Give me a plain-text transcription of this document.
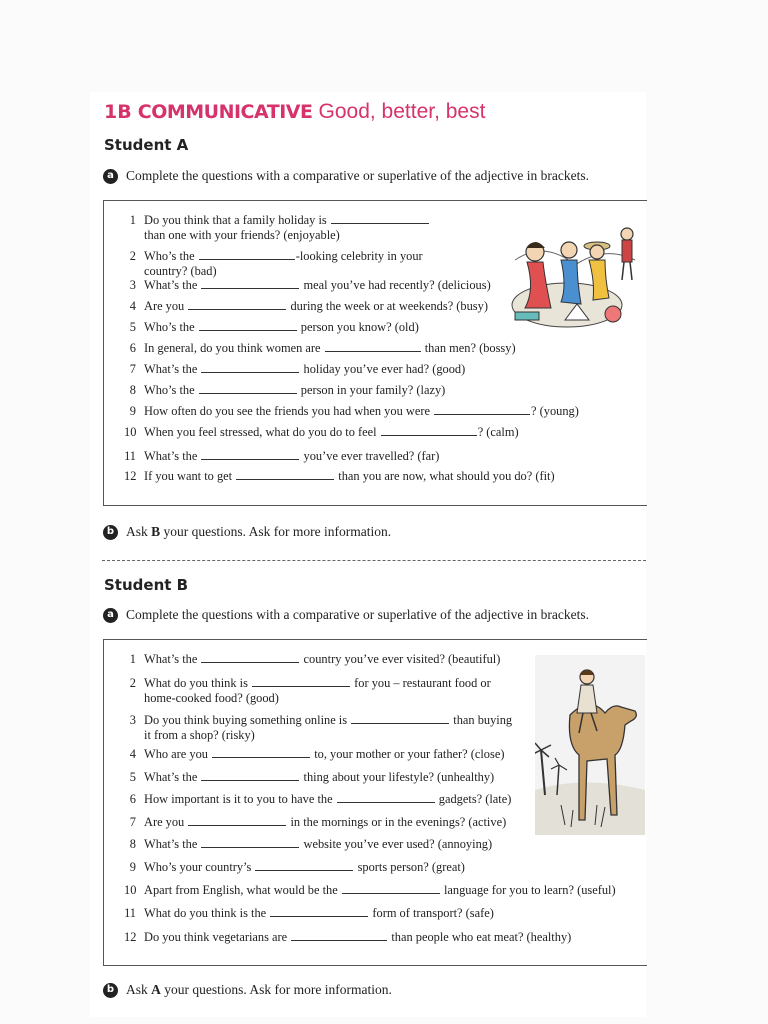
1B COMMUNICATIVE Good, better, best
Student A
a Complete the questions with a comparative or superlative of the adjective in brackets.
1 Do you think that a family holiday is
than one with your friends? (enjoyable)
2 Who’s the	-looking celebrity in your
country? (bad)
3 What’s the	meal you’ve had recently? (delicious)
4 Are you	during the week or at weekends? (busy)
5 Who’s the	person you know? (old)
6 In general, do you think women are	than men? (bossy)
7 What’s the	holiday you’ve ever had? (good)
8 Who’s the	person in your family? (lazy)
9 How often do you see the friends you had when you were	? (young)
10 When you feel stressed, what do you do to feel	? (calm)
11 What’s the	you’ve ever travelled? (far)
12 If you want to get	than you are now, what should you do? (fit)
b Ask B your questions. Ask for more information.
Student B
a Complete the questions with a comparative or superlative of the adjective in brackets.
1 What’s the	country you’ve ever visited? (beautiful)
2 What do you think is	for you – restaurant food or
home-cooked food? (good)
3 Do you think buying something online is	than buying
it from a shop? (risky)
4 Who are you	to, your mother or your father? (close)
5 What’s the	thing about your lifestyle? (unhealthy)
6 How important is it to you to have the	gadgets? (late)
7 Are you	in the mornings or in the evenings? (active)
8 What’s the	website you’ve ever used? (annoying)
9 Who’s your country’s	sports person? (great)
10 Apart from English, what would be the	language for you to learn? (useful)
11 What do you think is the	form of transport? (safe)
12 Do you think vegetarians are	than people who eat meat? (healthy)
b Ask A your questions. Ask for more information.
